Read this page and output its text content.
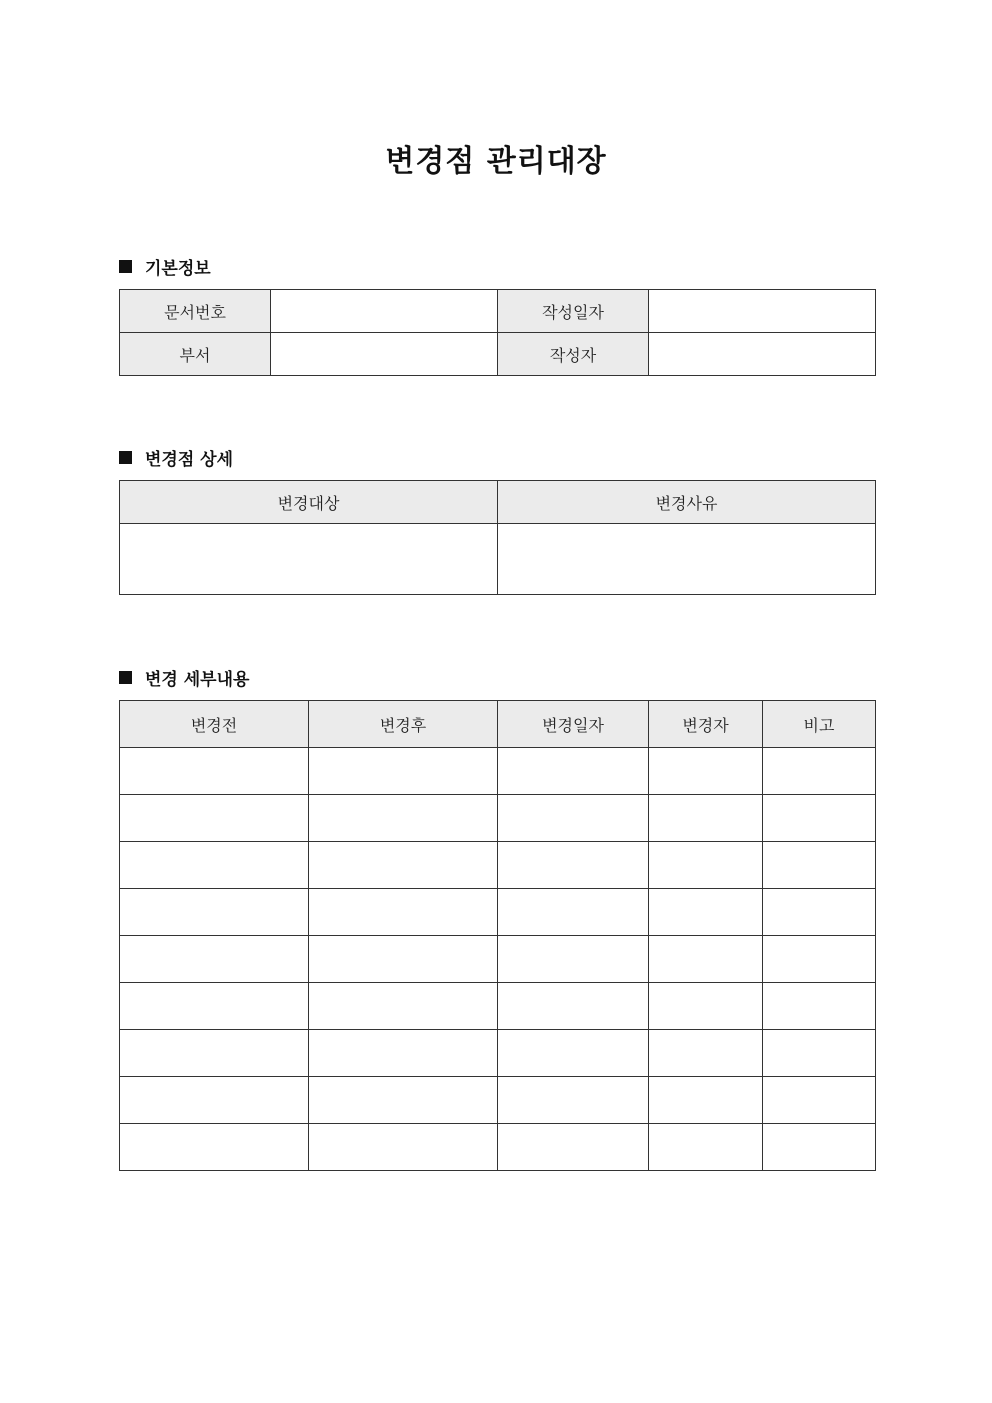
변경점 관리대장
기본정보
문서번호		작성일자	
부서		작성자	
변경점 상세
변경대상	변경사유

변경 세부내용
변경전	변경후	변경일자	변경자	비고
